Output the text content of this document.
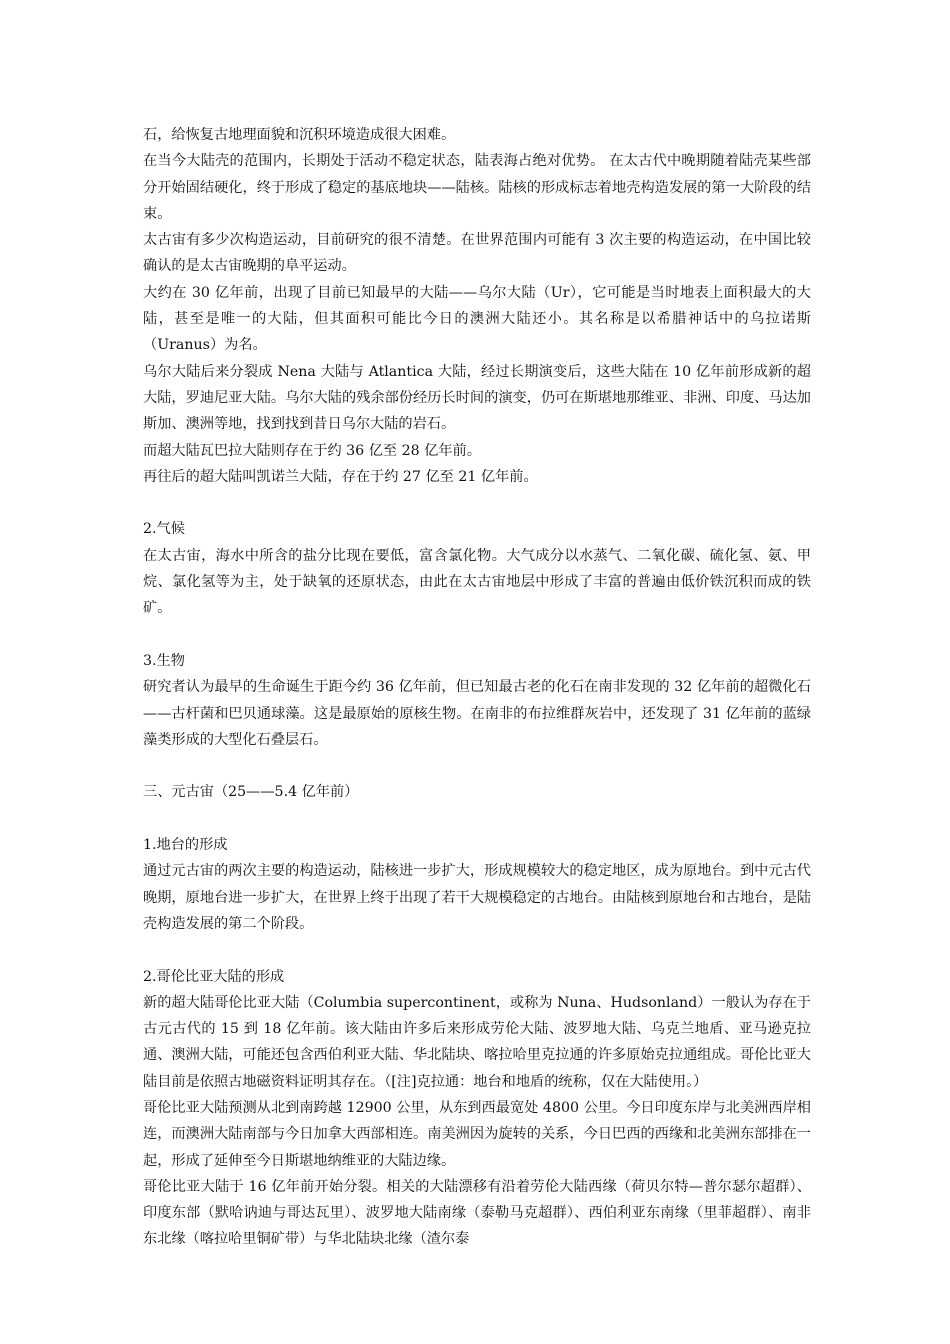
石，给恢复古地理面貌和沉积环境造成很大困难。

在当今大陆壳的范围内，长期处于活动不稳定状态，陆表海占绝对优势。 在太古代中晚期随着陆壳某些部分开始固结硬化，终于形成了稳定的基底地块——陆核。陆核的形成标志着地壳构造发展的第一大阶段的结束。

太古宙有多少次构造运动，目前研究的很不清楚。在世界范围内可能有 3 次主要的构造运动，在中国比较确认的是太古宙晚期的阜平运动。

大约在 30 亿年前，出现了目前已知最早的大陆——乌尔大陆（Ur），它可能是当时地表上面积最大的大陆，甚至是唯一的大陆，但其面积可能比今日的澳洲大陆还小。其名称是以希腊神话中的乌拉诺斯（Uranus）为名。

乌尔大陆后来分裂成 Nena 大陆与 Atlantica 大陆，经过长期演变后，这些大陆在 10 亿年前形成新的超大陆，罗迪尼亚大陆。乌尔大陆的残余部份经历长时间的演变，仍可在斯堪地那维亚、非洲、印度、马达加斯加、澳洲等地，找到找到昔日乌尔大陆的岩石。

而超大陆瓦巴拉大陆则存在于约 36 亿至 28 亿年前。

再往后的超大陆叫凯诺兰大陆，存在于约 27 亿至 21 亿年前。

2.气候

在太古宙，海水中所含的盐分比现在要低，富含氯化物。大气成分以水蒸气、二氧化碳、硫化氢、氨、甲烷、氯化氢等为主，处于缺氧的还原状态，由此在太古宙地层中形成了丰富的普遍由低价铁沉积而成的铁矿。

3.生物

研究者认为最早的生命诞生于距今约 36 亿年前，但已知最古老的化石在南非发现的 32 亿年前的超微化石——古杆菌和巴贝通球藻。这是最原始的原核生物。在南非的布拉维群灰岩中，还发现了 31 亿年前的蓝绿藻类形成的大型化石叠层石。

三、元古宙（25——5.4 亿年前）

1.地台的形成

通过元古宙的两次主要的构造运动，陆核进一步扩大，形成规模较大的稳定地区，成为原地台。到中元古代晚期，原地台进一步扩大，在世界上终于出现了若干大规模稳定的古地台。由陆核到原地台和古地台，是陆壳构造发展的第二个阶段。

2.哥伦比亚大陆的形成

新的超大陆哥伦比亚大陆（Columbia supercontinent，或称为 Nuna、Hudsonland）一般认为存在于古元古代的 15 到 18 亿年前。该大陆由许多后来形成劳伦大陆、波罗地大陆、乌克兰地盾、亚马逊克拉通、澳洲大陆，可能还包含西伯利亚大陆、华北陆块、喀拉哈里克拉通的许多原始克拉通组成。哥伦比亚大陆目前是依照古地磁资料证明其存在。（[注]克拉通：地台和地盾的统称，仅在大陆使用。）

哥伦比亚大陆预测从北到南跨越 12900 公里，从东到西最宽处 4800 公里。今日印度东岸与北美洲西岸相连，而澳洲大陆南部与今日加拿大西部相连。南美洲因为旋转的关系，今日巴西的西缘和北美洲东部排在一起，形成了延伸至今日斯堪地纳维亚的大陆边缘。

哥伦比亚大陆于 16 亿年前开始分裂。相关的大陆漂移有沿着劳伦大陆西缘（荷贝尔特—普尔瑟尔超群）、印度东部（默哈讷迪与哥达瓦里）、波罗地大陆南缘（泰勒马克超群）、西伯利亚东南缘（里菲超群）、南非东北缘（喀拉哈里铜矿带）与华北陆块北缘（渣尔泰
